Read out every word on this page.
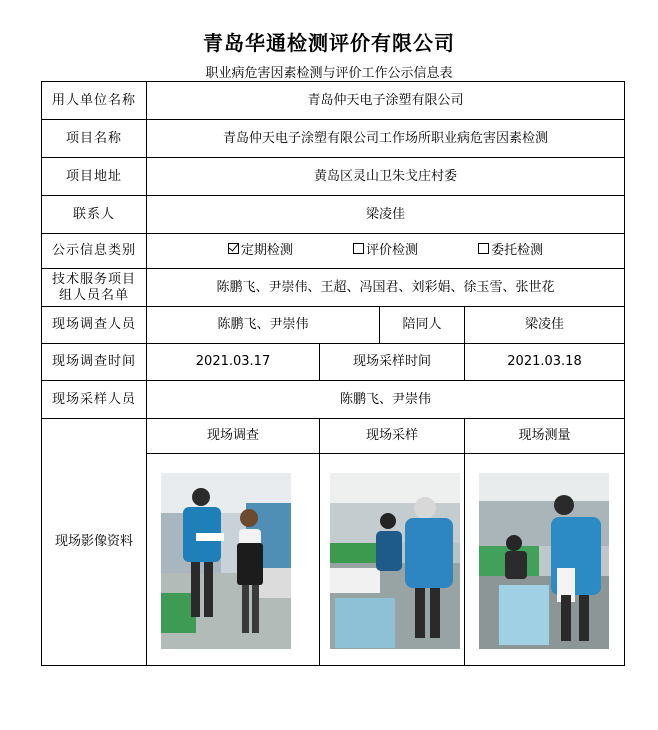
青岛华通检测评价有限公司
职业病危害因素检测与评价工作公示信息表
用人单位名称	青岛仲天电子涂塑有限公司			
项目名称	青岛仲天电子涂塑有限公司工作场所职业病危害因素检测			
项目地址	黄岛区灵山卫朱戈庄村委			
联系人	梁凌佳			
公示信息类别	定期检测 评价检测 委托检测			

技术服务项目
组人员名单	陈鹏飞、尹崇伟、王超、冯国君、刘彩娟、徐玉雪、张世花			
现场调查人员	陈鹏飞、尹崇伟		陪同人	梁凌佳
现场调查时间	2021.03.17	现场采样时间		2021.03.18
现场采样人员	陈鹏飞、尹崇伟			
现场影像资料	现场调查	现场采样		现场测量
